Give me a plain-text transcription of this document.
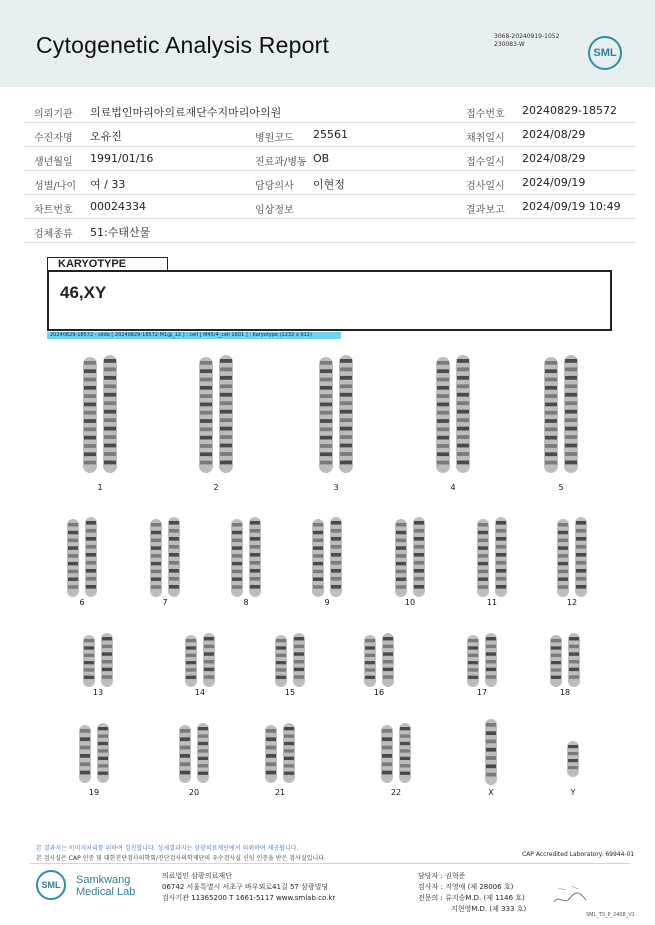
Cytogenetic Analysis Report	3068-20240919-1052
230083-W
SML
의뢰기관 의료법인마리아의료재단수지마리아의원	접수번호 20240829-18572
수진자명 오유진	병원코드 25561	채취일시 2024/08/29
생년월일 1991/01/16	진료과/병동 OB	접수일시 2024/08/29
성별/나이 여 / 33	담당의사 이현정	검사일시 2024/09/19
차트번호 00024334	임상정보	결과보고 2024/09/19 10:49
검체종류 51:수태산물
KARYOTYPE
46,XY
20240829-18572 - slide [ 20240829-18572 M1@_12 ] : cell [ M45/4_cell 1601 ] : Karyotype (1232 x 912)
1	2	3	4	5
6	7	8	9	10	11	12
13	14	15	16	17	18
19	20	21	22	X	Y
본 결과지는 이미지처리를 위하여 검진합니다. 상세결과지는 삼광의료재단에서 의뢰하여 제공됩니다.
본 검사실은 CAP 인증 및 대한진단검사의학회/진단검사의학재단의 우수검사실 신임 인증을 받은 검사실입니다.
CAP Accredited Laboratory. 69944-01
SML	Samkwang
Medical Lab
의료법인 삼광의료재단
06742 서울특별시 서초구 바우뫼로41길 57 삼광빌딩
검사기관 11365200 T 1661-5117 www.smlab.co.kr
담당자 : 권혁준
검사자 : 지영애 (제 28006 호)
전문의 : 류지승M.D. (제 1146 호)
지현영M.D. (제 333 호)
SML_TS_P_2408_V1
